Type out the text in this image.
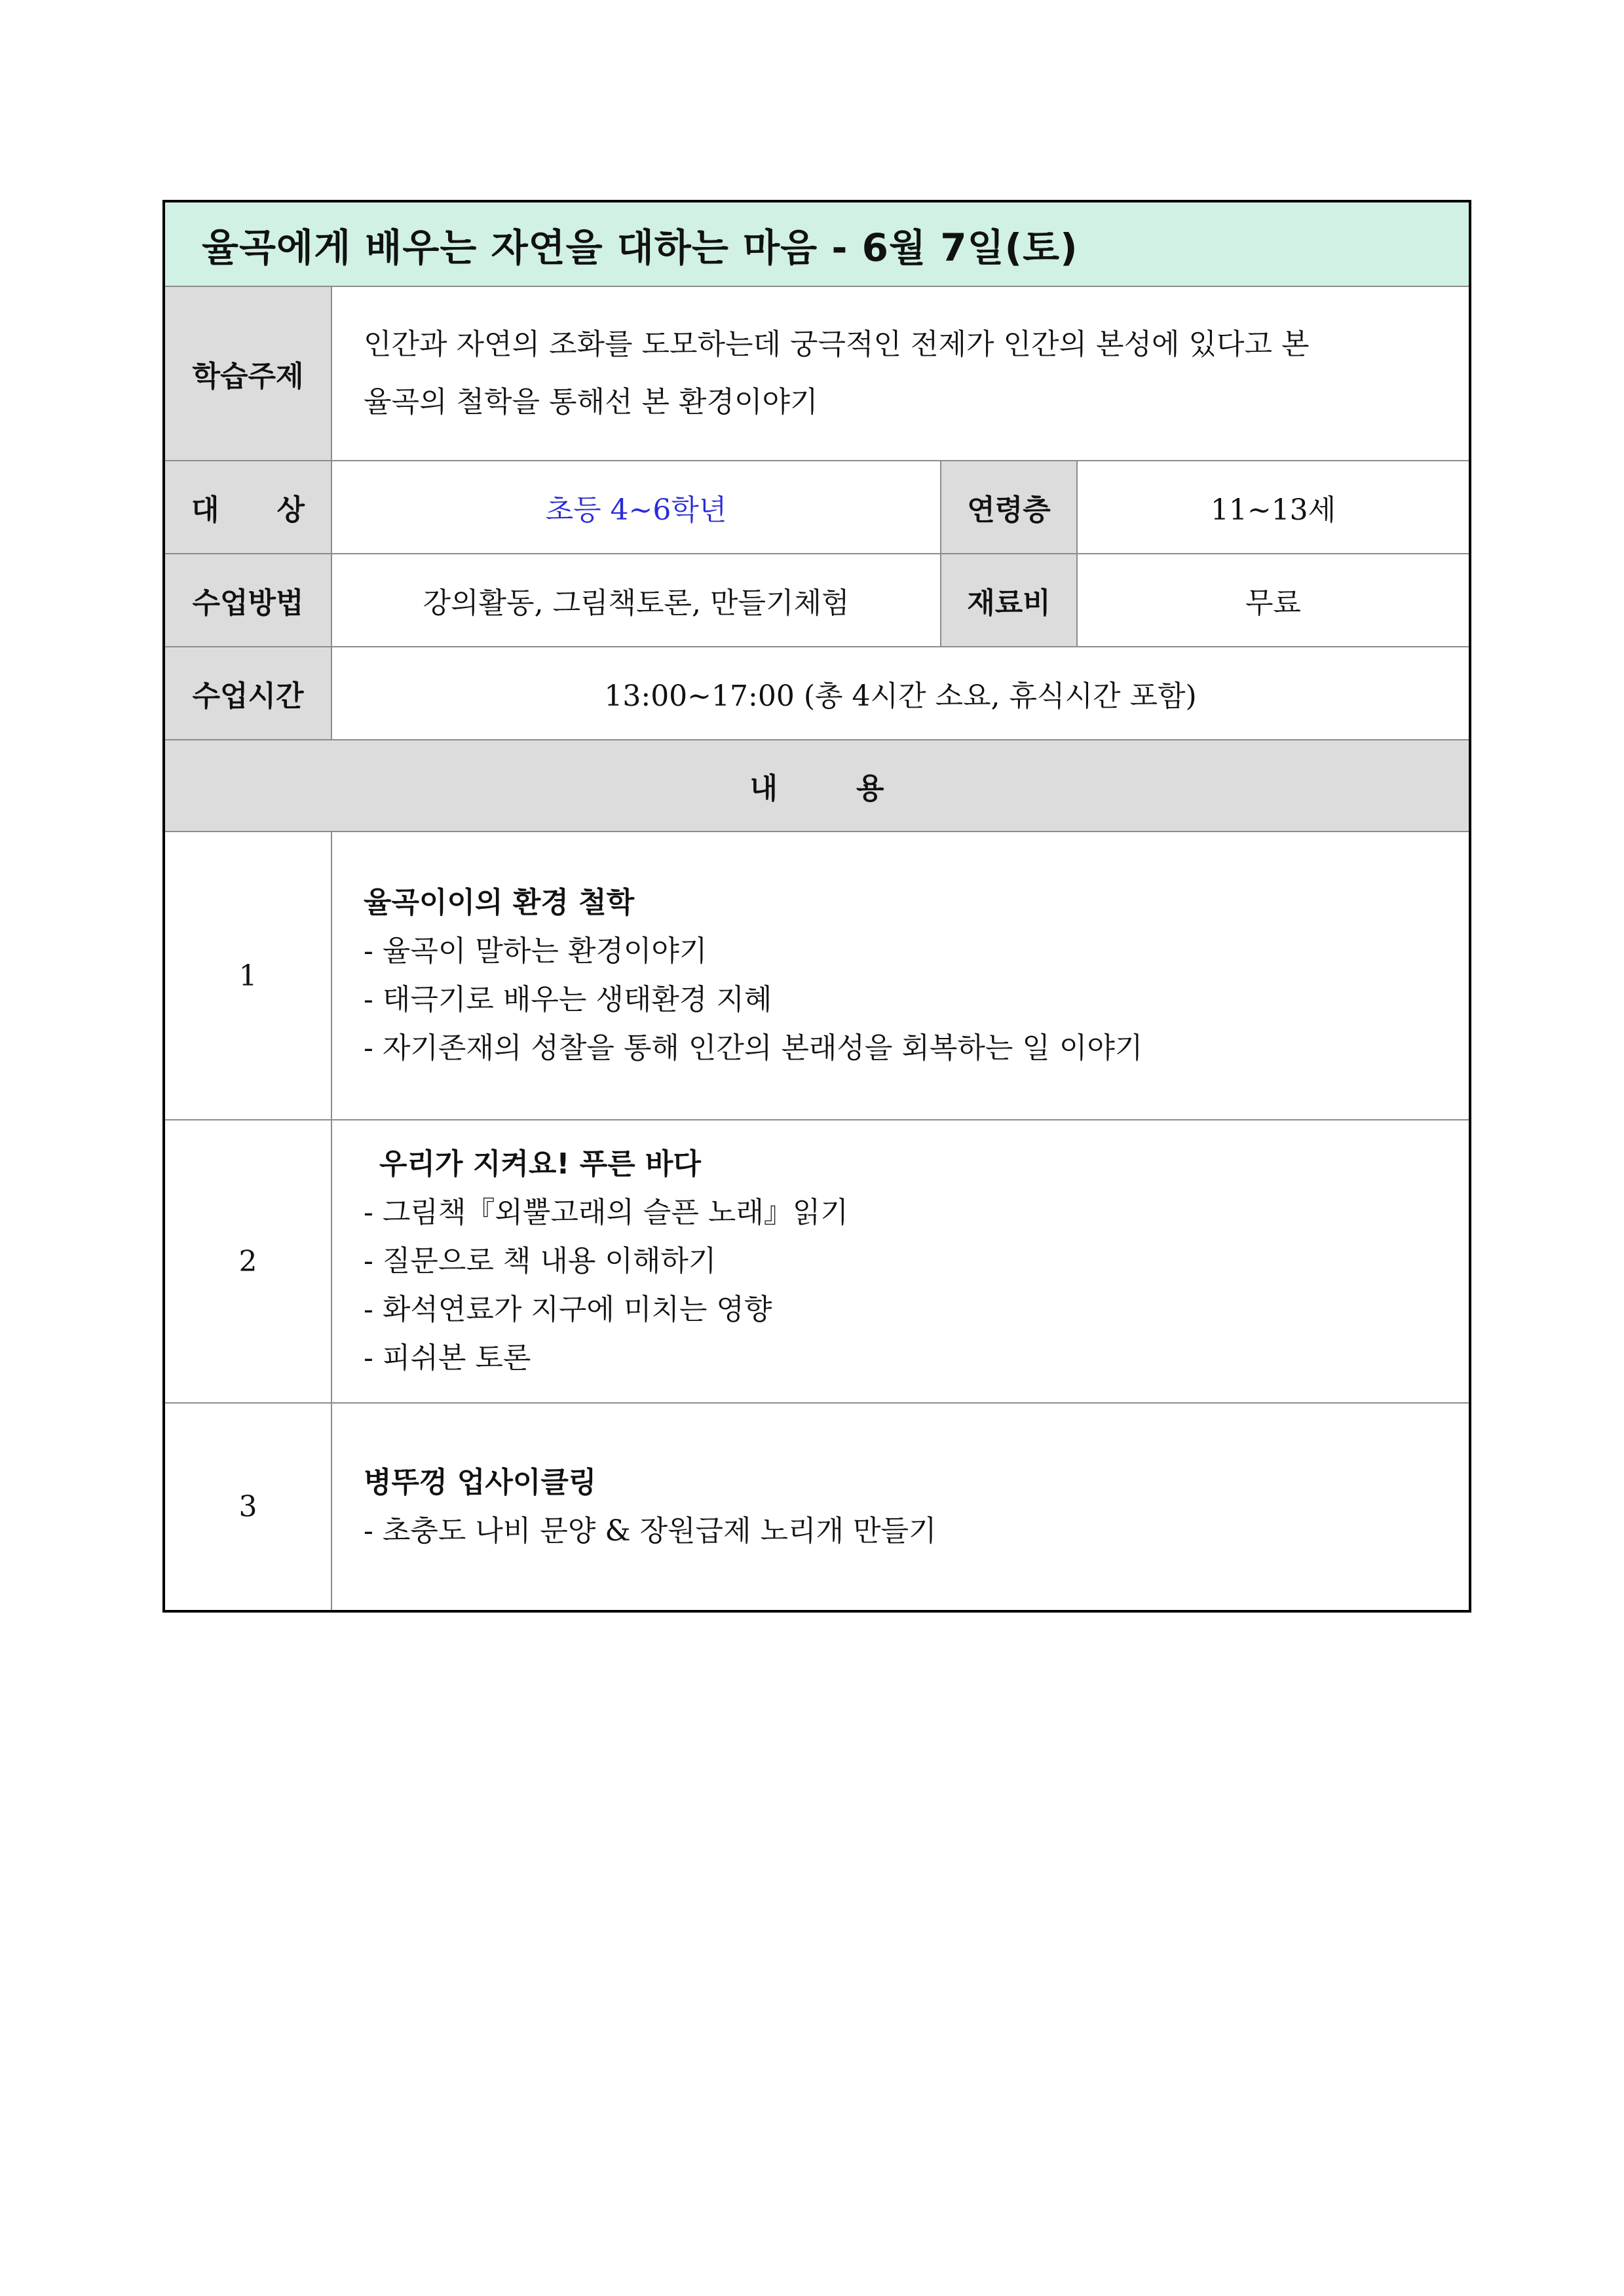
율곡에게 배우는 자연을 대하는 마음 - 6월 7일(토)			
학습주제	인간과 자연의 조화를 도모하는데 궁극적인 전제가 인간의 본성에 있다고 본
율곡의 철학을 통해선 본 환경이야기		

대 상	초등 4~6학년	연령층	11~13세
수업방법	강의활동, 그림책토론, 만들기체험	재료비	무료
수업시간	13:00~17:00 (총 4시간 소요, 휴식시간 포함)		
내용			
1	율곡이이의 환경 철학
- 율곡이 말하는 환경이야기
- 태극기로 배우는 생태환경 지혜
- 자기존재의 성찰을 통해 인간의 본래성을 회복하는 일 이야기		

2	우리가 지켜요! 푸른 바다
- 그림책『외뿔고래의 슬픈 노래』읽기
- 질문으로 책 내용 이해하기
- 화석연료가 지구에 미치는 영향
- 피쉬본 토론		

3	병뚜껑 업사이클링
- 초충도 나비 문양 & 장원급제 노리개 만들기		
